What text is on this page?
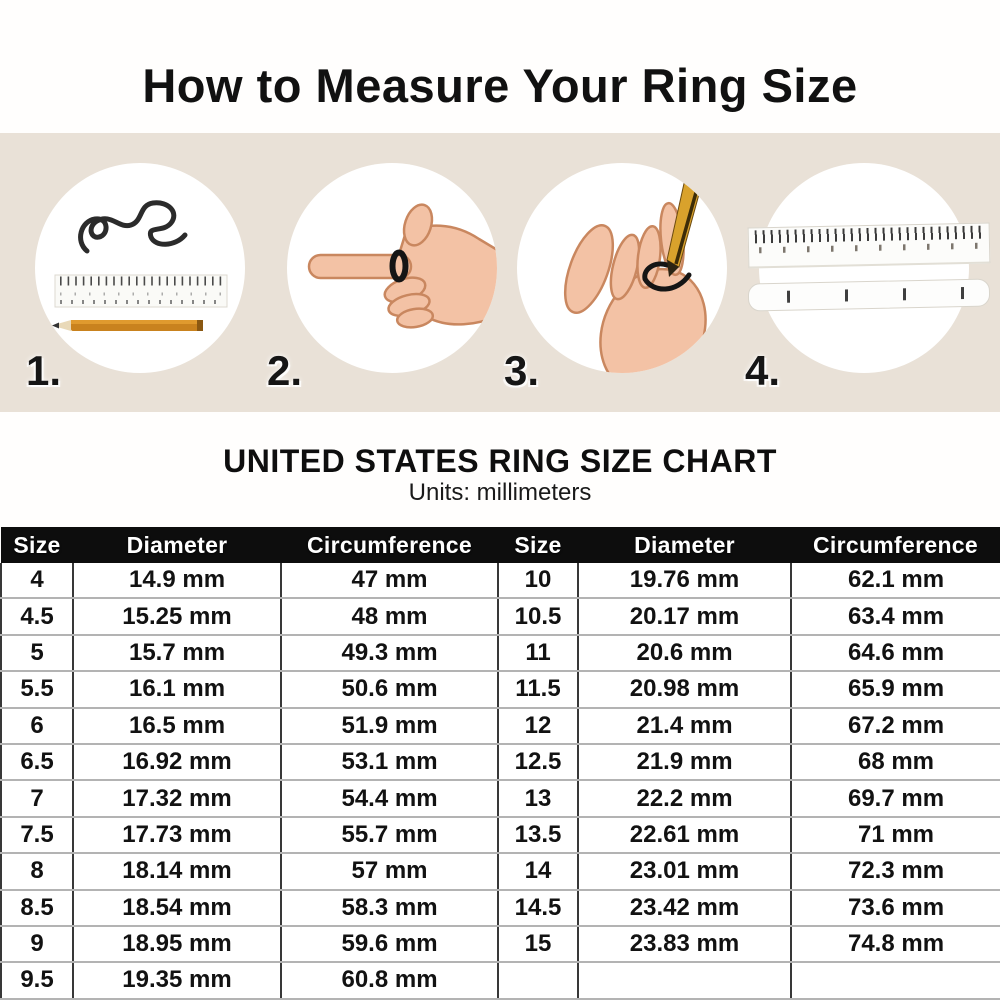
How to Measure Your Ring Size
1.	2.	3.	4.
UNITED STATES RING SIZE CHART
Units: millimeters
Size	Diameter	Circumference	Size	Diameter	Circumference
4	14.9 mm	47 mm	10	19.76 mm	62.1 mm
4.5	15.25 mm	48 mm	10.5	20.17 mm	63.4 mm
5	15.7 mm	49.3 mm	11	20.6 mm	64.6 mm
5.5	16.1 mm	50.6 mm	11.5	20.98 mm	65.9 mm
6	16.5 mm	51.9 mm	12	21.4 mm	67.2 mm
6.5	16.92 mm	53.1 mm	12.5	21.9 mm	68 mm
7	17.32 mm	54.4 mm	13	22.2 mm	69.7 mm
7.5	17.73 mm	55.7 mm	13.5	22.61 mm	71 mm
8	18.14 mm	57 mm	14	23.01 mm	72.3 mm
8.5	18.54 mm	58.3 mm	14.5	23.42 mm	73.6 mm
9	18.95 mm	59.6 mm	15	23.83 mm	74.8 mm
9.5	19.35 mm	60.8 mm			
